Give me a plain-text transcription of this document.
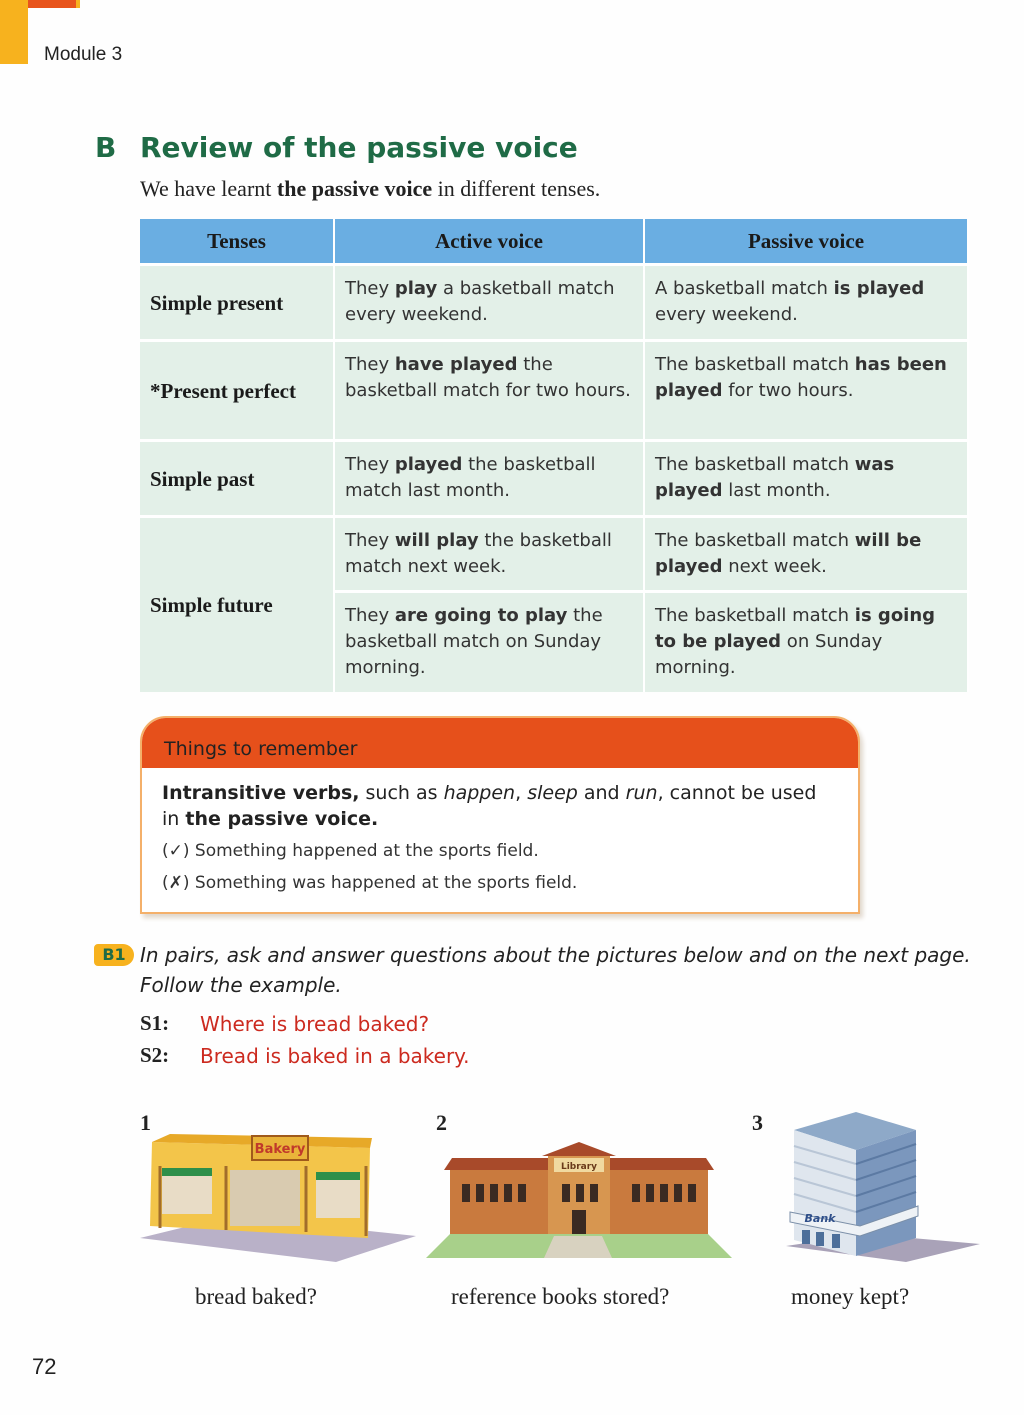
Module 3
B Review of the passive voice
We have learnt the passive voice in different tenses.
Tenses	Active voice	Passive voice
Simple present	They play a basketball match every weekend.	A basketball match is played every weekend.
*Present perfect	They have played the basketball match for two hours.	The basketball match has been played for two hours.
Simple past	They played the basketball match last month.	The basketball match was played last month.
Simple future	They will play the basketball match next week.	The basketball match will be played next week.
	They are going to play the basketball match on Sunday morning.	The basketball match is going to be played on Sunday morning.
Things to remember
Intransitive verbs, such as happen, sleep and run, cannot be used in the passive voice.
(✓) Something happened at the sports field.
(✗) Something was happened at the sports field.
B1 In pairs, ask and answer questions about the pictures below and on the next page. Follow the example.
S1: Where is bread baked?
S2: Bread is baked in a bakery.
1	2	3
Bakery
Library
Bank
bread baked?	reference books stored?	money kept?
72
